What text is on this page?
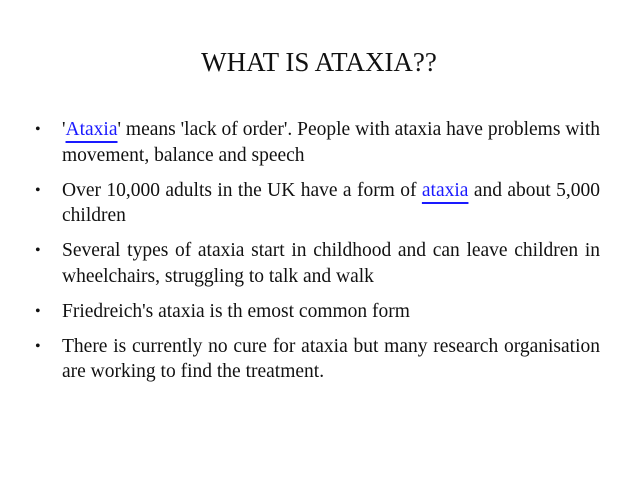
WHAT IS ATAXIA??
• 'Ataxia' means 'lack of order'. People with ataxia have problems with movement, balance and speech
• Over 10,000 adults in the UK have a form of ataxia and about 5,000 children
• Several types of ataxia start in childhood and can leave children in wheelchairs, struggling to talk and walk
• Friedreich's ataxia is th emost common form
• There is currently no cure for ataxia but many research organisation are working to find the treatment.
